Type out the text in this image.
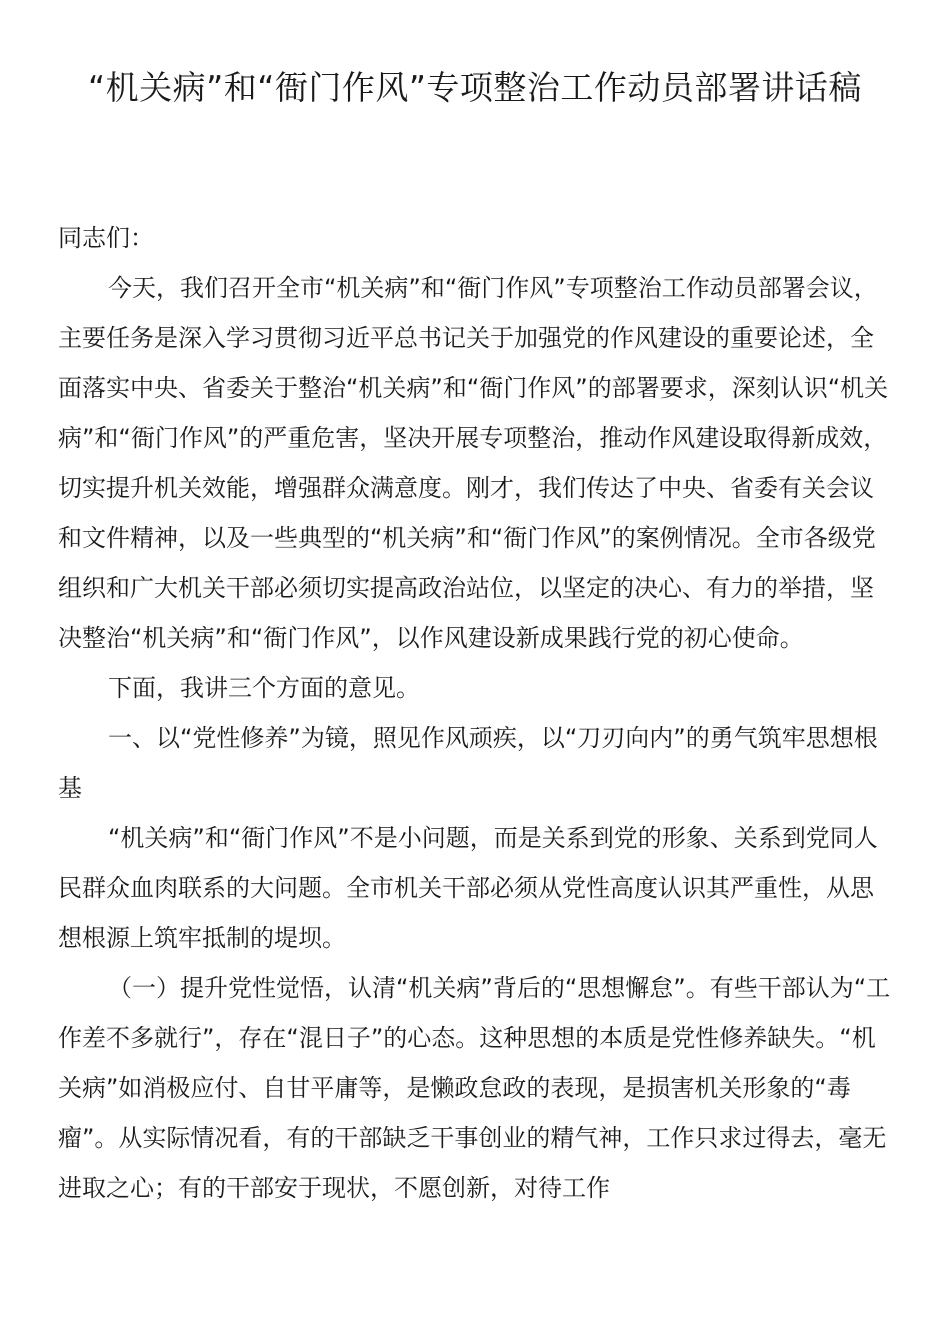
“机关病”和“衙门作风”专项整治工作动员部署讲话稿

同志们：

今天，我们召开全市“机关病”和“衙门作风”专项整治工作动员部署会议，主要任务是深入学习贯彻习近平总书记关于加强党的作风建设的重要论述，全面落实中央、省委关于整治“机关病”和“衙门作风”的部署要求，深刻认识“机关病”和“衙门作风”的严重危害，坚决开展专项整治，推动作风建设取得新成效，切实提升机关效能，增强群众满意度。刚才，我们传达了中央、省委有关会议和文件精神，以及一些典型的“机关病”和“衙门作风”的案例情况。全市各级党组织和广大机关干部必须切实提高政治站位，以坚定的决心、有力的举措，坚决整治“机关病”和“衙门作风”，以作风建设新成果践行党的初心使命。

下面，我讲三个方面的意见。

一、以“党性修养”为镜，照见作风顽疾，以“刀刃向内”的勇气筑牢思想根基

“机关病”和“衙门作风”不是小问题，而是关系到党的形象、关系到党同人民群众血肉联系的大问题。全市机关干部必须从党性高度认识其严重性，从思想根源上筑牢抵制的堤坝。

（一）提升党性觉悟，认清“机关病”背后的“思想懈怠”。有些干部认为“工作差不多就行”，存在“混日子”的心态。这种思想的本质是党性修养缺失。“机关病”如消极应付、自甘平庸等，是懒政怠政的表现，是损害机关形象的“毒瘤”。从实际情况看，有的干部缺乏干事创业的精气神，工作只求过得去，毫无进取之心；有的干部安于现状，不愿创新，对待工作
